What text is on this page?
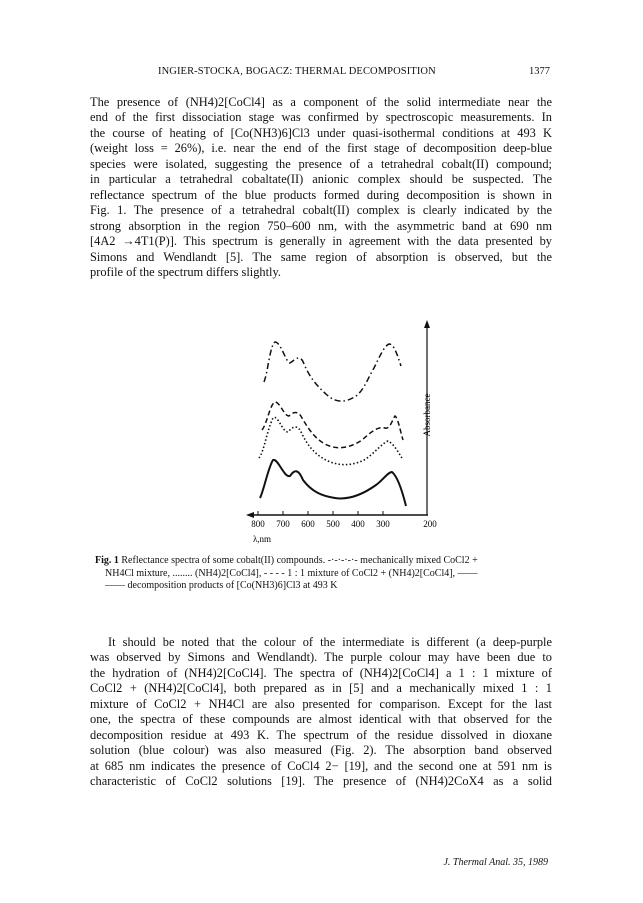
INGIER-STOCKA, BOGACZ: THERMAL DECOMPOSITION	1377
The presence of (NH4)2[CoCl4] as a component of the solid intermediate near the
end of the first dissociation stage was confirmed by spectroscopic measurements. In
the course of heating of [Co(NH3)6]Cl3 under quasi-isothermal conditions at 493 K
(weight loss = 26%), i.e. near the end of the first stage of decomposition deep-blue
species were isolated, suggesting the presence of a tetrahedral cobalt(II) compound;
in particular a tetrahedral cobaltate(II) anionic complex should be suspected. The
reflectance spectrum of the blue products formed during decomposition is shown in
Fig. 1. The presence of a tetrahedral cobalt(II) complex is clearly indicated by the
strong absorption in the region 750–600 nm, with the asymmetric band at 690 nm
[4A2 →4T1(P)]. This spectrum is generally in agreement with the data presented by
Simons and Wendlandt [5]. The same region of absorption is observed, but the
profile of the spectrum differs slightly.
Absorbance
800 700 600 500 400 300	200
λ,nm
Fig. 1 Reflectance spectra of some cobalt(II) compounds. -·-·-·-·- mechanically mixed CoCl2 +
NH4Cl mixture, ........ (NH4)2[CoCl4], - - - - 1 : 1 mixture of CoCl2 + (NH4)2[CoCl4], ——
—— decomposition products of [Co(NH3)6]Cl3 at 493 K
It should be noted that the colour of the intermediate is different (a deep-purple
was observed by Simons and Wendlandt). The purple colour may have been due to
the hydration of (NH4)2[CoCl4]. The spectra of (NH4)2[CoCl4] a 1 : 1 mixture of
CoCl2 + (NH4)2[CoCl4], both prepared as in [5] and a mechanically mixed 1 : 1
mixture of CoCl2 + NH4Cl are also presented for comparison. Except for the last
one, the spectra of these compounds are almost identical with that observed for the
decomposition residue at 493 K. The spectrum of the residue dissolved in dioxane
solution (blue colour) was also measured (Fig. 2). The absorption band observed
at 685 nm indicates the presence of CoCl4 2− [19], and the second one at 591 nm is
characteristic of CoCl2 solutions [19]. The presence of (NH4)2CoX4 as a solid
J. Thermal Anal. 35, 1989
